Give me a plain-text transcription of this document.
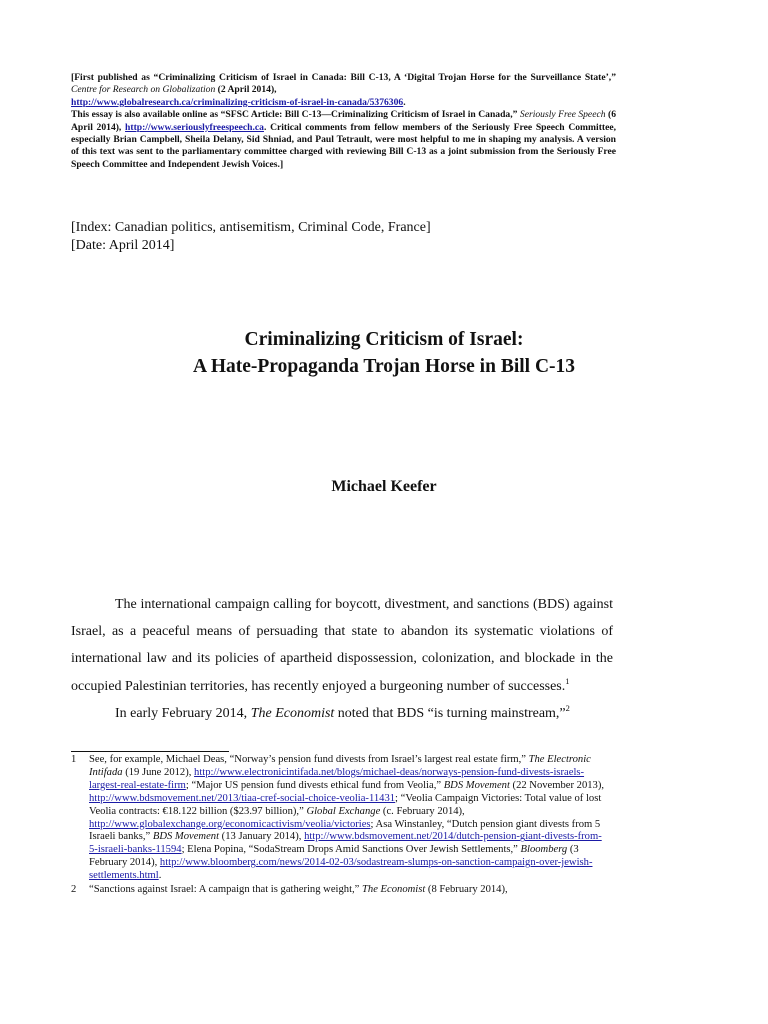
[First published as “Criminalizing Criticism of Israel in Canada: Bill C-13, A ‘Digital Trojan Horse for the Surveillance State’,” Centre for Research on Globalization (2 April 2014),
http://www.globalresearch.ca/criminalizing-criticism-of-israel-in-canada/5376306.
This essay is also available online as “SFSC Article: Bill C-13—Criminalizing Criticism of Israel in Canada,” Seriously Free Speech (6 April 2014), http://www.seriouslyfreespeech.ca. Critical comments from fellow members of the Seriously Free Speech Committee, especially Brian Campbell, Sheila Delany, Sid Shniad, and Paul Tetrault, were most helpful to me in shaping my analysis. A version of this text was sent to the parliamentary committee charged with reviewing Bill C-13 as a joint submission from the Seriously Free Speech Committee and Independent Jewish Voices.]
[Index: Canadian politics, antisemitism, Criminal Code, France]
[Date: April 2014]
Criminalizing Criticism of Israel:
A Hate-Propaganda Trojan Horse in Bill C-13
Michael Keefer

The international campaign calling for boycott, divestment, and sanctions (BDS) against Israel, as a peaceful means of persuading that state to abandon its systematic violations of international law and its policies of apartheid dispossession, colonization, and blockade in the occupied Palestinian territories, has recently enjoyed a burgeoning number of successes.$^1$

In early February 2014, The Economist noted that BDS “is turning mainstream,”$^2$

1 See, for example, Michael Deas, “Norway’s pension fund divests from Israel’s largest real estate firm,” The Electronic Intifada (19 June 2012), http://www.electronicintifada.net/blogs/michael-deas/norways-pension-fund-divests-israels-largest-real-estate-firm; “Major US pension fund divests ethical fund from Veolia,” BDS Movement (22 November 2013), http://www.bdsmovement.net/2013/tiaa-cref-social-choice-veolia-11431; “Veolia Campaign Victories: Total value of lost Veolia contracts: €18.122 billion ($23.97 billion),” Global Exchange (c. February 2014), http://www.globalexchange.org/economicactivism/veolia/victories; Asa Winstanley, “Dutch pension giant divests from 5 Israeli banks,” BDS Movement (13 January 2014), http://www.bdsmovement.net/2014/dutch-pension-giant-divests-from-5-israeli-banks-11594; Elena Popina, “SodaStream Drops Amid Sanctions Over Jewish Settlements,” Bloomberg (3 February 2014), http://www.bloomberg.com/news/2014-02-03/sodastream-slumps-on-sanction-campaign-over-jewish-settlements.html.
2 “Sanctions against Israel: A campaign that is gathering weight,” The Economist (8 February 2014),
